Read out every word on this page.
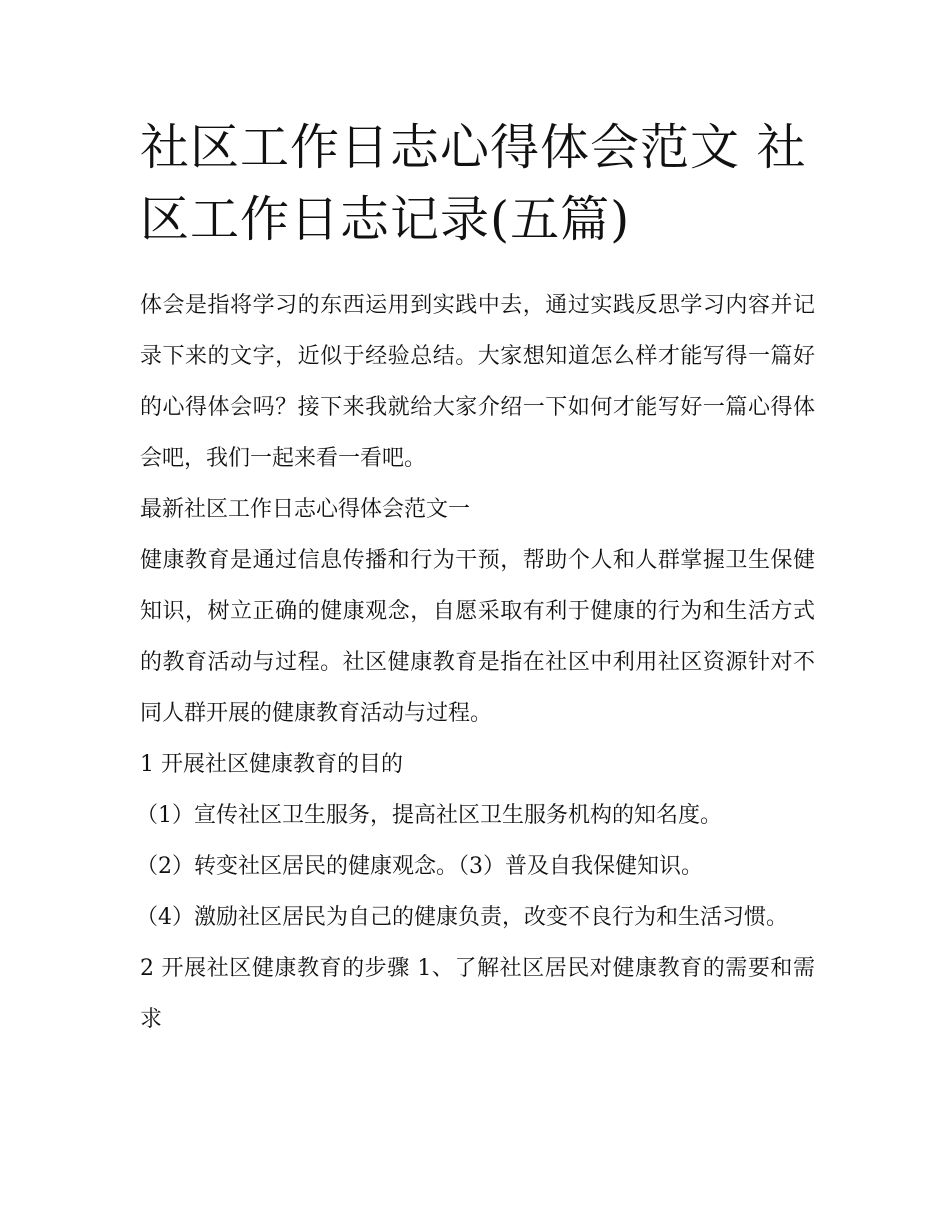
社区工作日志心得体会范文 社区工作日志记录(五篇)

体会是指将学习的东西运用到实践中去，通过实践反思学习内容并记录下来的文字，近似于经验总结。大家想知道怎么样才能写得一篇好的心得体会吗？接下来我就给大家介绍一下如何才能写好一篇心得体会吧，我们一起来看一看吧。

最新社区工作日志心得体会范文一

健康教育是通过信息传播和行为干预，帮助个人和人群掌握卫生保健知识，树立正确的健康观念，自愿采取有利于健康的行为和生活方式的教育活动与过程。社区健康教育是指在社区中利用社区资源针对不同人群开展的健康教育活动与过程。

1 开展社区健康教育的目的

（1）宣传社区卫生服务，提高社区卫生服务机构的知名度。

（2）转变社区居民的健康观念。（3）普及自我保健知识。

（4）激励社区居民为自己的健康负责，改变不良行为和生活习惯。

2 开展社区健康教育的步骤 1、了解社区居民对健康教育的需要和需求
